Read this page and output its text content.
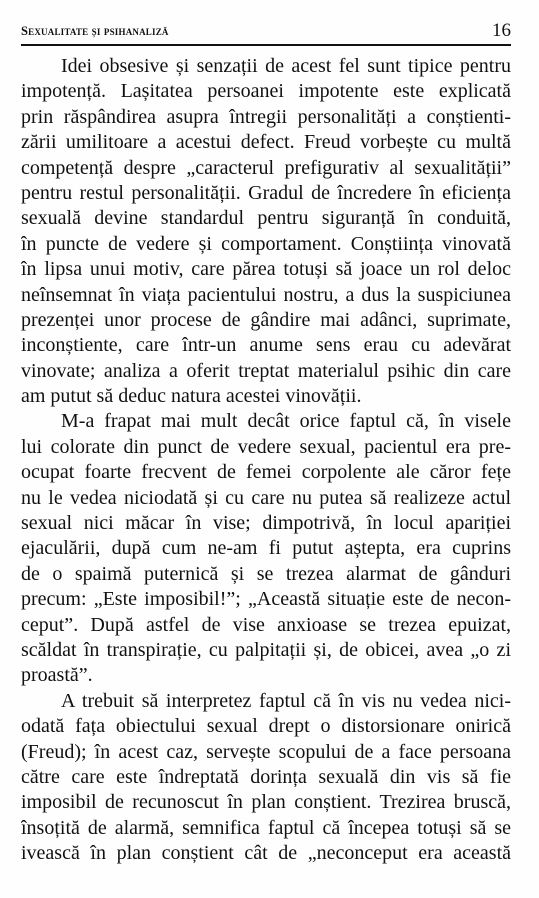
Sexualitate și psihanaliză	16
Idei obsesive și senzații de acest fel sunt tipice pentru
impotență. Lașitatea persoanei impotente este explicată
prin răspândirea asupra întregii personalități a conștienti-
zării umilitoare a acestui defect. Freud vorbește cu multă
competență despre „caracterul prefigurativ al sexualității”
pentru restul personalității. Gradul de încredere în eficiența
sexuală devine standardul pentru siguranță în conduită,
în puncte de vedere și comportament. Conștiința vinovată
în lipsa unui motiv, care părea totuși să joace un rol deloc
neînsemnat în viața pacientului nostru, a dus la suspiciunea
prezenței unor procese de gândire mai adânci, suprimate,
inconștiente, care într-un anume sens erau cu adevărat
vinovate; analiza a oferit treptat materialul psihic din care
am putut să deduc natura acestei vinovății.
M-a frapat mai mult decât orice faptul că, în visele
lui colorate din punct de vedere sexual, pacientul era pre-
ocupat foarte frecvent de femei corpolente ale căror fețe
nu le vedea niciodată și cu care nu putea să realizeze actul
sexual nici măcar în vise; dimpotrivă, în locul apariției
ejaculării, după cum ne-am fi putut aștepta, era cuprins
de o spaimă puternică și se trezea alarmat de gânduri
precum: „Este imposibil!”; „Această situație este de necon-
ceput”. După astfel de vise anxioase se trezea epuizat,
scăldat în transpirație, cu palpitații și, de obicei, avea „o zi
proastă”.
A trebuit să interpretez faptul că în vis nu vedea nici-
odată fața obiectului sexual drept o distorsionare onirică
(Freud); în acest caz, servește scopului de a face persoana
către care este îndreptată dorința sexuală din vis să fie
imposibil de recunoscut în plan conștient. Trezirea bruscă,
însoțită de alarmă, semnifica faptul că începea totuși să se
ivească în plan conștient cât de „neconceput era această
